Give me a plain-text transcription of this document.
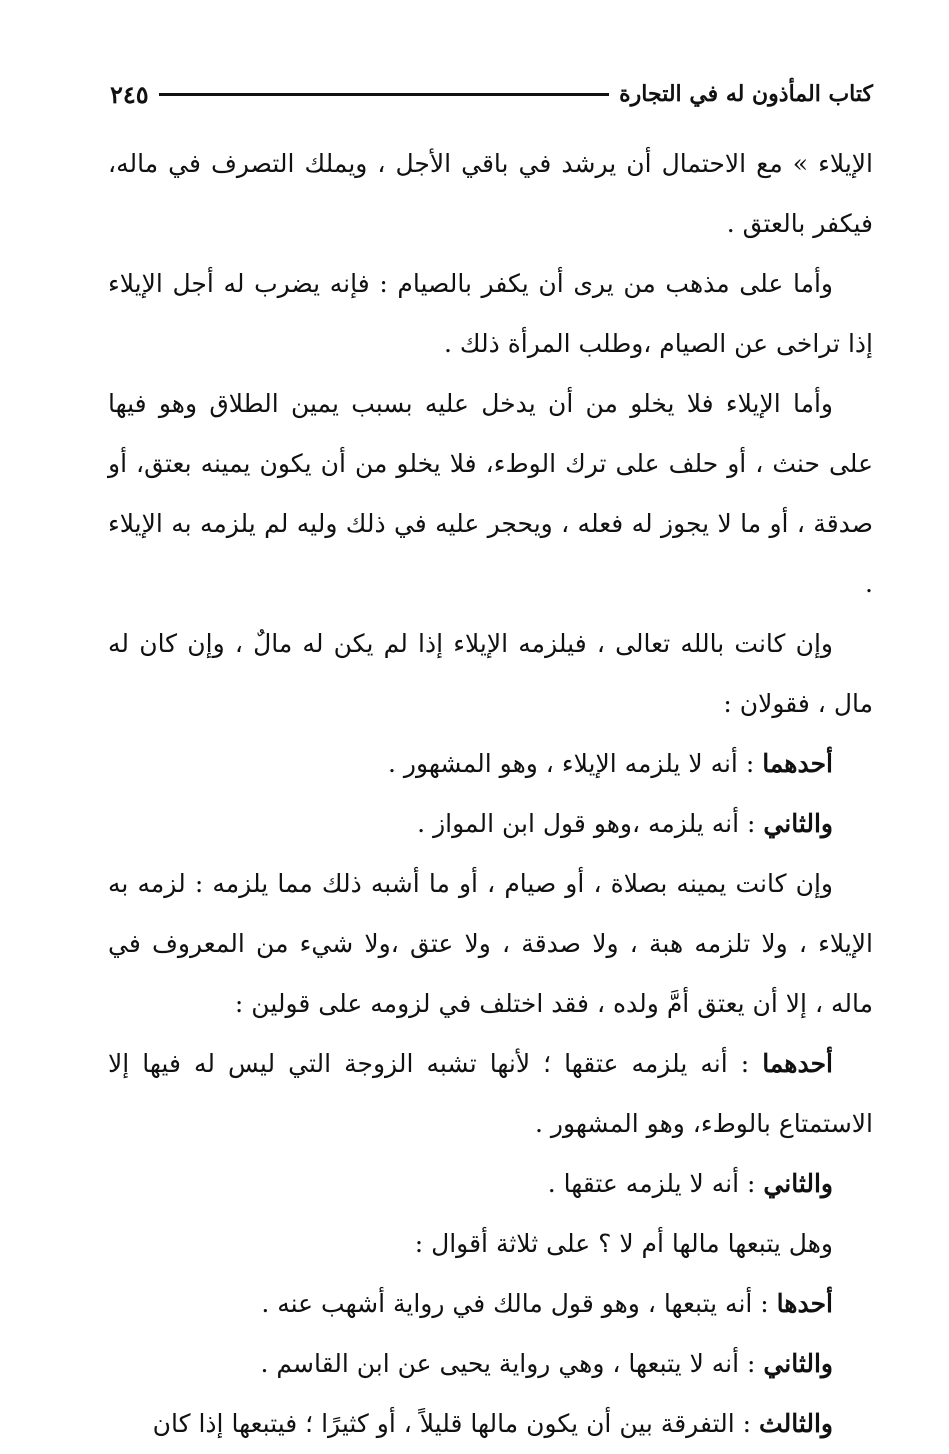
كتاب المأذون له في التجارة
٢٤٥

الإيلاء » مع الاحتمال أن يرشد في باقي الأجل ، ويملك التصرف في ماله، فيكفر بالعتق .

وأما على مذهب من يرى أن يكفر بالصيام : فإنه يضرب له أجل الإيلاء إذا تراخى عن الصيام ،وطلب المرأة ذلك .

وأما الإيلاء فلا يخلو من أن يدخل عليه بسبب يمين الطلاق وهو فيها على حنث ، أو حلف على ترك الوطء، فلا يخلو من أن يكون يمينه بعتق، أو صدقة ، أو ما لا يجوز له فعله ، ويحجر عليه في ذلك وليه لم يلزمه به الإيلاء .

وإن كانت بالله تعالى ، فيلزمه الإيلاء إذا لم يكن له مالٌ ، وإن كان له مال ، فقولان :

أحدهما : أنه لا يلزمه الإيلاء ، وهو المشهور .

والثاني : أنه يلزمه ،وهو قول ابن المواز .

وإن كانت يمينه بصلاة ، أو صيام ، أو ما أشبه ذلك مما يلزمه : لزمه به الإيلاء ، ولا تلزمه هبة ، ولا صدقة ، ولا عتق ،ولا شيء من المعروف في ماله ، إلا أن يعتق أمَّ ولده ، فقد اختلف في لزومه على قولين :

أحدهما : أنه يلزمه عتقها ؛ لأنها تشبه الزوجة التي ليس له فيها إلا الاستمتاع بالوطء، وهو المشهور .

والثاني : أنه لا يلزمه عتقها .

وهل يتبعها مالها أم لا ؟ على ثلاثة أقوال :

أحدها : أنه يتبعها ، وهو قول مالك في رواية أشهب عنه .

والثاني : أنه لا يتبعها ، وهي رواية يحيى عن ابن القاسم .

والثالث : التفرقة بين أن يكون مالها قليلاً ، أو كثيرًا ؛ فيتبعها إذا كان
